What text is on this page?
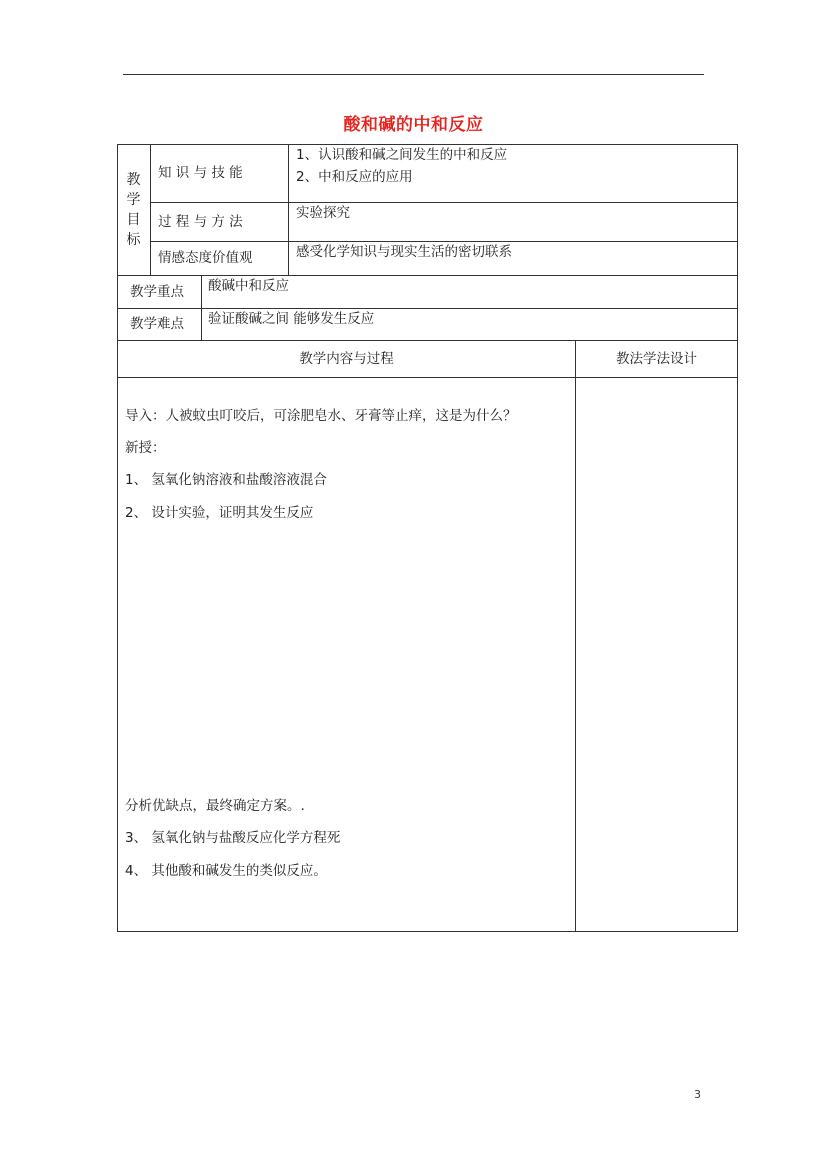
酸和碱的中和反应
教学目标
知 识 与 技 能
1、认识酸和碱之间发生的中和反应
2、中和反应的应用
过 程 与 方 法
实验探究
情感态度价值观	感受化学知识与现实生活的密切联系
教学重点 酸碱中和反应
教学难点 验证酸碱之间 能够发生反应
教学内容与过程	教法学法设计
导入：人被蚊虫叮咬后，可涂肥皂水、牙膏等止痒，这是为什么？
新授：
1、 氢氧化钠溶液和盐酸溶液混合
2、 设计实验，证明其发生反应
分析优缺点，最终确定方案。.
3、 氢氧化钠与盐酸反应化学方程死
4、 其他酸和碱发生的类似反应。
3
